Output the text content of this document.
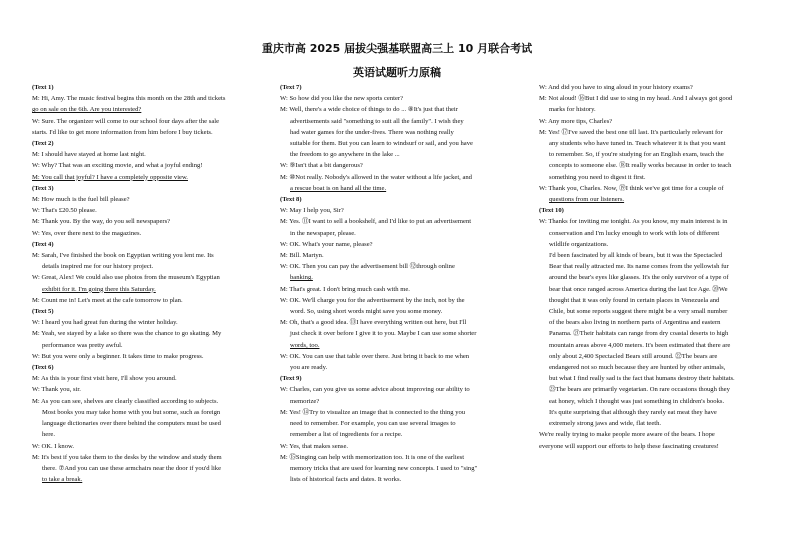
重庆市高 2025 届拔尖强基联盟高三上 10 月联合考试
英语试题听力原稿
(Text 1)
M: Hi, Amy. The music festival begins this month on the 28th and tickets
go on sale on the 6th. Are you interested?
W: Sure. The organizer will come to our school four days after the sale
starts. I'd like to get more information from him before I buy tickets.
(Text 2)
M: I should have stayed at home last night.
W: Why? That was an exciting movie, and what a joyful ending!
M: You call that joyful? I have a completely opposite view.
(Text 3)
M: How much is the fuel bill please?
W: That's £20.50 please.
M: Thank you. By the way, do you sell newspapers?
W: Yes, over there next to the magazines.
(Text 4)
M: Sarah, I've finished the book on Egyptian writing you lent me. Its
details inspired me for our history project.
W: Great, Alex! We could also use photos from the museum's Egyptian
exhibit for it. I'm going there this Saturday.
M: Count me in! Let's meet at the cafe tomorrow to plan.
(Text 5)
W: I heard you had great fun during the winter holiday.
M: Yeah, we stayed by a lake so there was the chance to go skating. My
performance was pretty awful.
W: But you were only a beginner. It takes time to make progress.
(Text 6)
M: As this is your first visit here, I'll show you around.
W: Thank you, sir.
M: As you can see, shelves are clearly classified according to subjects.
Most books you may take home with you but some, such as foreign
language dictionaries over there behind the computers must be used
here.
W: OK. I know.
M: It's best if you take them to the desks by the window and study them
there. ⑦And you can use these armchairs near the door if you'd like
to take a break.
(Text 7)
W: So how did you like the new sports center?
M: Well, there's a wide choice of things to do ... ⑧It's just that their
advertisements said "something to suit all the family". I wish they
had water games for the under-fives. There was nothing really
suitable for them. But you can learn to windsurf or sail, and you have
the freedom to go anywhere in the lake ...
W: ⑨Isn't that a bit dangerous?
M: ⑩Not really. Nobody's allowed in the water without a life jacket, and
a rescue boat is on hand all the time.
(Text 8)
W: May I help you, Sir?
M: Yes. ⑪I want to sell a bookshelf, and I'd like to put an advertisement
in the newspaper, please.
W: OK. What's your name, please?
M: Bill. Martyn.
W: OK. Then you can pay the advertisement bill ⑫through online
banking.
M: That's great. I don't bring much cash with me.
W: OK. We'll charge you for the advertisement by the inch, not by the
word. So, using short words might save you some money.
M: Oh, that's a good idea. ⑬I have everything written out here, but I'll
just check it over before I give it to you. Maybe I can use some shorter
words, too.
W: OK. You can use that table over there. Just bring it back to me when
you are ready.
(Text 9)
W: Charles, can you give us some advice about improving our ability to
memorize?
M: Yes! ⑭Try to visualize an image that is connected to the thing you
need to remember. For example, you can use several images to
remember a list of ingredients for a recipe.
W: Yes, that makes sense.
M: ⑮Singing can help with memorization too. It is one of the earliest
memory tricks that are used for learning new concepts. I used to "sing"
lists of historical facts and dates. It works.
W: And did you have to sing aloud in your history exams?
M: Not aloud! ⑯But I did use to sing in my head. And I always got good
marks for history.
W: Any more tips, Charles?
M: Yes! ⑰I've saved the best one till last. It's particularly relevant for
any students who have tuned in. Teach whatever it is that you want
to remember. So, if you're studying for an English exam, teach the
concepts to someone else. ⑱It really works because in order to teach
something you need to digest it first.
W: Thank you, Charles. Now, ⑲I think we've got time for a couple of
questions from our listeners.
(Text 10)
W: Thanks for inviting me tonight. As you know, my main interest is in
conservation and I'm lucky enough to work with lots of different
wildlife organizations.
I'd been fascinated by all kinds of bears, but it was the Spectacled
Bear that really attracted me. Its name comes from the yellowish fur
around the bear's eyes like glasses. It's the only survivor of a type of
bear that once ranged across America during the last Ice Age. ⑳We
thought that it was only found in certain places in Venezuela and
Chile, but some reports suggest there might be a very small number
of the bears also living in northern parts of Argentina and eastern
Panama. ㉑Their habitats can range from dry coastal deserts to high
mountain areas above 4,000 meters. It's been estimated that there are
only about 2,400 Spectacled Bears still around. ㉒The bears are
endangered not so much because they are hunted by other animals,
but what I find really sad is the fact that humans destroy their habitats.
㉓The bears are primarily vegetarian. On rare occasions though they
eat honey, which I thought was just something in children's books.
It's quite surprising that although they rarely eat meat they have
extremely strong jaws and wide, flat teeth.
We're really trying to make people more aware of the bears. I hope
everyone will support our efforts to help these fascinating creatures!
